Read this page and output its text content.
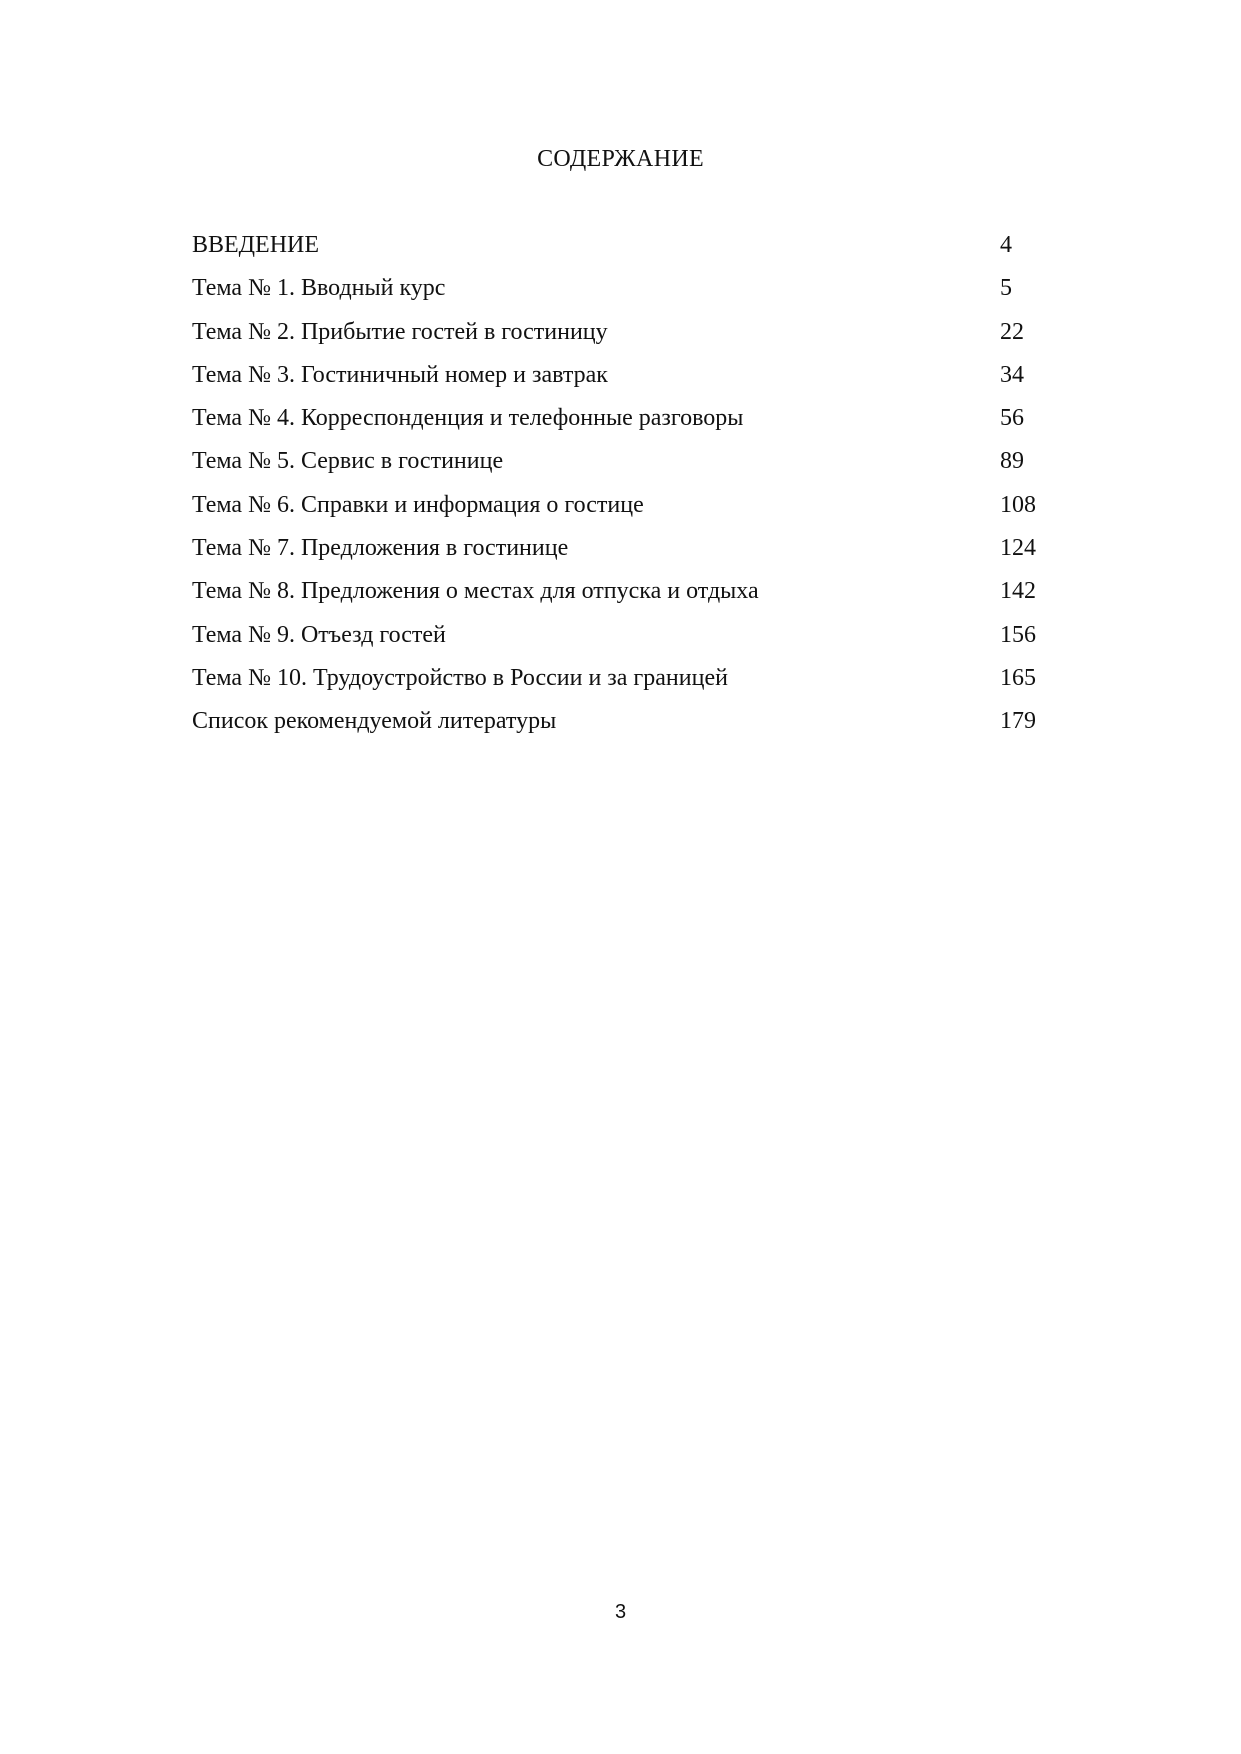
СОДЕРЖАНИЕ
ВВЕДЕНИЕ	4
Тема № 1. Вводный курс	5
Тема № 2. Прибытие гостей в гостиницу	22
Тема № 3. Гостиничный номер и завтрак	34
Тема № 4. Корреспонденция и телефонные разговоры	56
Тема № 5. Сервис в гостинице	89
Тема № 6. Справки и информация о гостице	108
Тема № 7. Предложения в гостинице	124
Тема № 8. Предложения о местах для отпуска и отдыха	142
Тема № 9. Отъезд гостей	156
Тема № 10. Трудоустройство в России и за границей	165
Список рекомендуемой литературы	179
3
